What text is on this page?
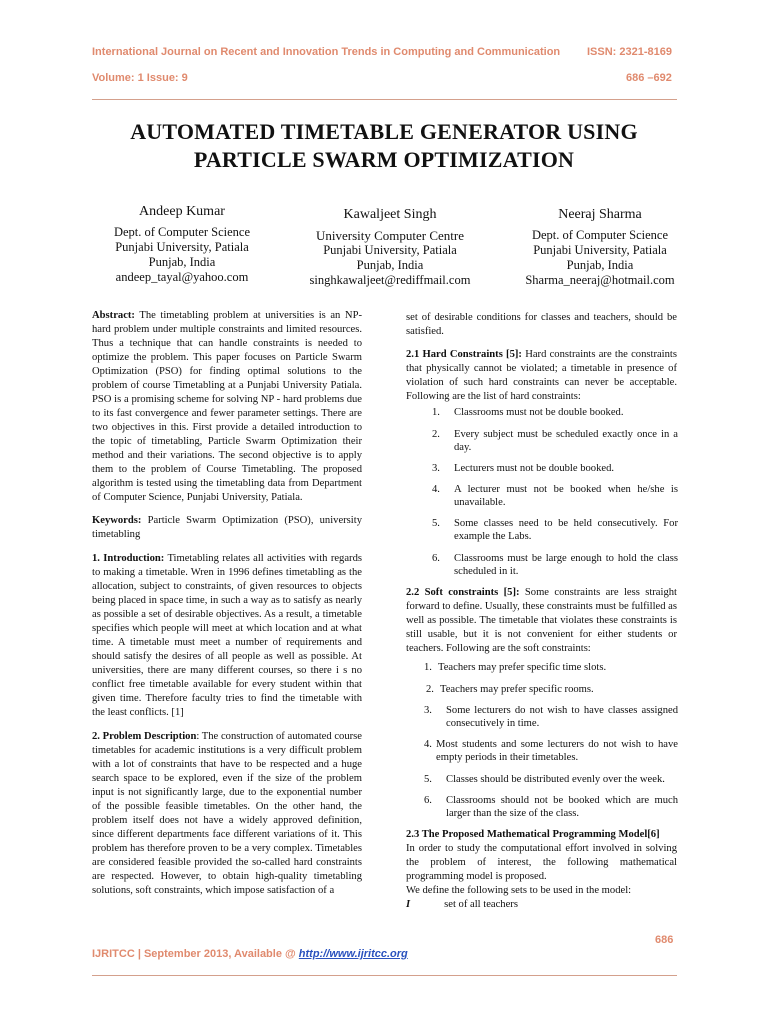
International Journal on Recent and Innovation Trends in Computing and Communication ISSN: 2321-8169
Volume: 1 Issue: 9	686 –692
AUTOMATED TIMETABLE GENERATOR USING
PARTICLE SWARM OPTIMIZATION
Andeep Kumar
Dept. of Computer Science
Punjabi University, Patiala
Punjab, India
andeep_tayal@yahoo.com
Kawaljeet Singh
University Computer Centre
Punjabi University, Patiala
Punjab, India
singhkawaljeet@rediffmail.com
Neeraj Sharma
Dept. of Computer Science
Punjabi University, Patiala
Punjab, India
Sharma_neeraj@hotmail.com

Abstract: The timetabling problem at universities is an NP-hard problem under multiple constraints and limited resources. Thus a technique that can handle constraints is needed to optimize the problem. This paper focuses on Particle Swarm Optimization (PSO) for finding optimal solutions to the problem of course Timetabling at a Punjabi University Patiala. PSO is a promising scheme for solving NP - hard problems due to its fast convergence and fewer parameter settings. There are two objectives in this. First provide a detailed introduction to the topic of timetabling, Particle Swarm Optimization their method and their variations. The second objective is to apply them to the problem of Course Timetabling. The proposed algorithm is tested using the timetabling data from Department of Computer Science, Punjabi University, Patiala.

Keywords: Particle Swarm Optimization (PSO), university timetabling

1. Introduction: Timetabling relates all activities with regards to making a timetable. Wren in 1996 defines timetabling as the allocation, subject to constraints, of given resources to objects being placed in space time, in such a way as to satisfy as nearly as possible a set of desirable objectives. As a result, a timetable specifies which people will meet at which location and at what time. A timetable must meet a number of requirements and should satisfy the desires of all people as well as possible. At universities, there are many different courses, so there i s no conflict free timetable available for every student within that given time. Therefore faculty tries to find the timetable with the least conflicts. [1]

2. Problem Description: The construction of automated course timetables for academic institutions is a very difficult problem with a lot of constraints that have to be respected and a huge search space to be explored, even if the size of the problem input is not significantly large, due to the exponential number of the possible feasible timetables. On the other hand, the problem itself does not have a widely approved definition, since different departments face different variations of it. This problem has therefore proven to be a very complex. Timetables are considered feasible provided the so-called hard constraints are respected. However, to obtain high-quality timetabling solutions, soft constraints, which impose satisfaction of a

set of desirable conditions for classes and teachers, should be satisfied.

2.1 Hard Constraints [5]: Hard constraints are the constraints that physically cannot be violated; a timetable in presence of violation of such hard constraints can never be acceptable. Following are the list of hard constraints:

1. Classrooms must not be double booked.
2. Every subject must be scheduled exactly once in a day.
3. Lecturers must not be double booked.
4. A lecturer must not be booked when he/she is unavailable.
5. Some classes need to be held consecutively. For example the Labs.
6. Classrooms must be large enough to hold the class scheduled in it.

2.2 Soft constraints [5]: Some constraints are less straight forward to define. Usually, these constraints must be fulfilled as well as possible. The timetable that violates these constraints is still usable, but it is not convenient for either students or teachers. Following are the soft constraints:

1. Teachers may prefer specific time slots.
2. Teachers may prefer specific rooms.
3. Some lecturers do not wish to have classes assigned consecutively in time.
4. Most students and some lecturers do not wish to have empty periods in their timetables.
5. Classes should be distributed evenly over the week.
6. Classrooms should not be booked which are much larger than the size of the class.

2.3 The Proposed Mathematical Programming Model[6]

In order to study the computational effort involved in solving the problem of interest, the following mathematical programming model is proposed.

We define the following sets to be used in the model:

I	set of all teachers

686
IJRITCC | September 2013, Available @ http://www.ijritcc.org
